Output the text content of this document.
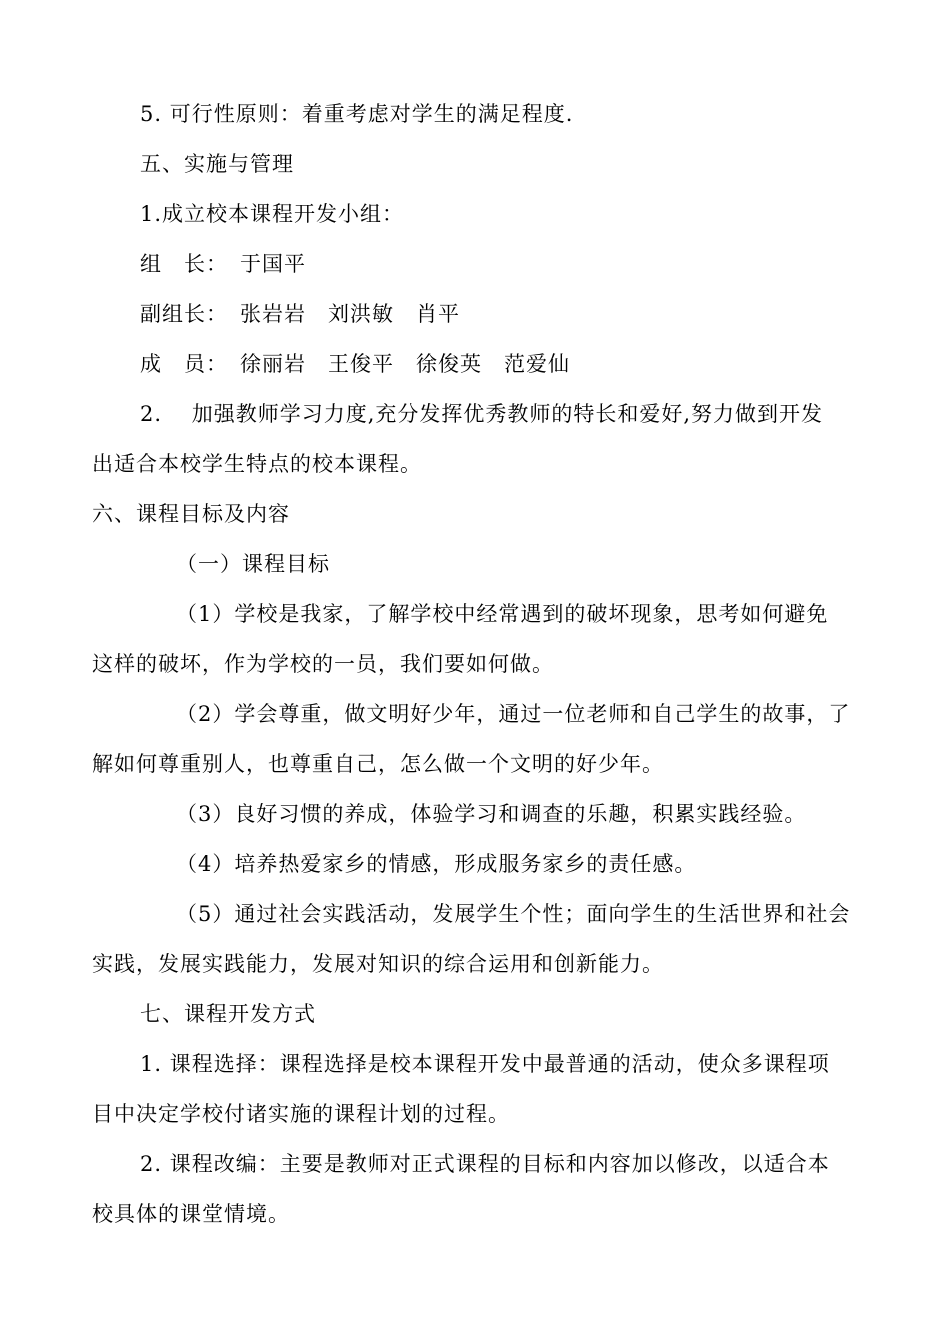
5. 可行性原则：着重考虑对学生的满足程度.
五、实施与管理
1.成立校本课程开发小组：
组　长： 于国平
副组长： 张岩岩 刘洪敏 肖平
成　员： 徐丽岩 王俊平 徐俊英 范爱仙
2.　 加强教师学习力度,充分发挥优秀教师的特长和爱好,努力做到开发
出适合本校学生特点的校本课程。
六、课程目标及内容
（一）课程目标
（1）学校是我家，了解学校中经常遇到的破坏现象，思考如何避免
这样的破坏，作为学校的一员，我们要如何做。
（2）学会尊重，做文明好少年，通过一位老师和自己学生的故事，了
解如何尊重别人，也尊重自己，怎么做一个文明的好少年。
（3）良好习惯的养成，体验学习和调查的乐趣，积累实践经验。
（4）培养热爱家乡的情感，形成服务家乡的责任感。
（5）通过社会实践活动，发展学生个性；面向学生的生活世界和社会
实践，发展实践能力，发展对知识的综合运用和创新能力。
七、课程开发方式
1. 课程选择：课程选择是校本课程开发中最普通的活动，使众多课程项
目中决定学校付诸实施的课程计划的过程。
2. 课程改编：主要是教师对正式课程的目标和内容加以修改，以适合本
校具体的课堂情境。
